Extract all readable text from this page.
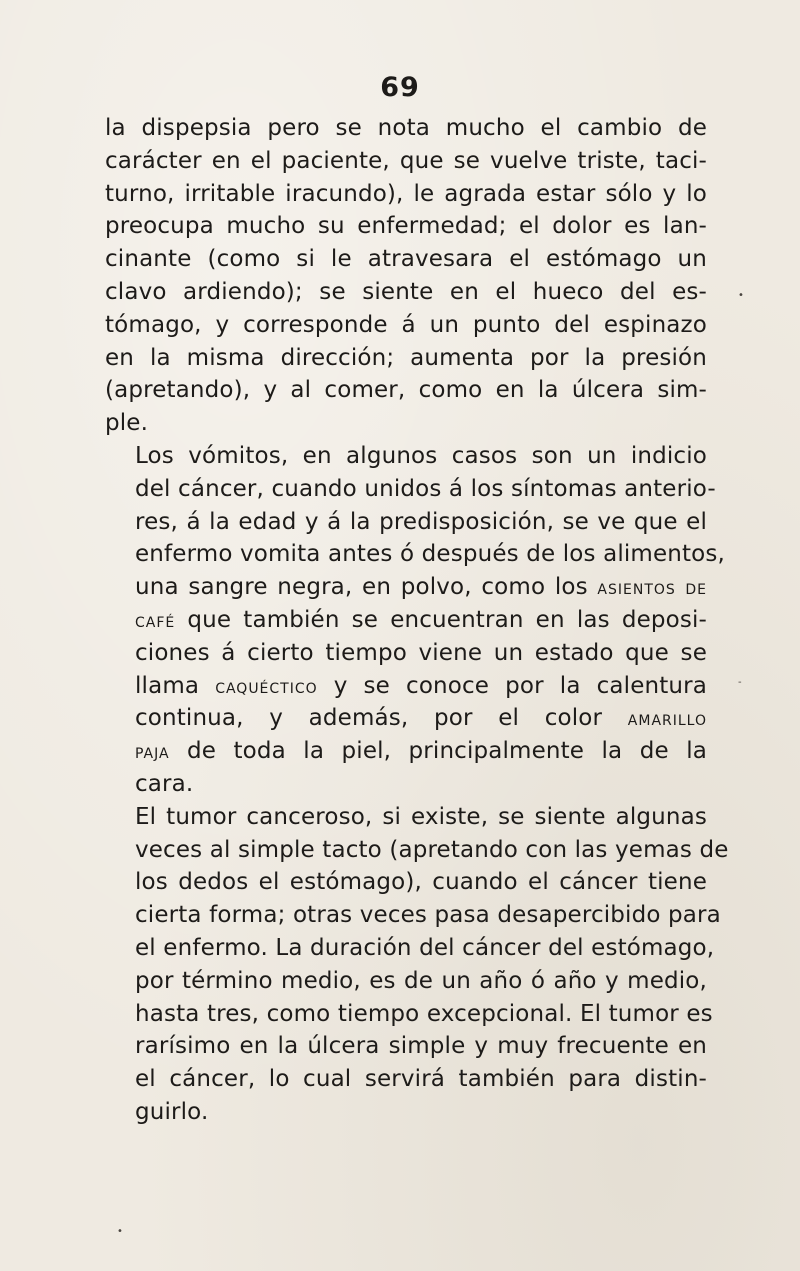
69

la dispepsia pero se nota mucho el cambio de
carácter en el paciente, que se vuelve triste, taci-
turno, irritable iracundo), le agrada estar sólo y lo
preocupa mucho su enfermedad; el dolor es lan-
cinante (como si le atravesara el estómago un
clavo ardiendo); se siente en el hueco del es-
tómago, y corresponde á un punto del espinazo
en la misma dirección; aumenta por la presión
(apretando), y al comer, como en la úlcera sim-
ple.

Los vómitos, en algunos casos son un indicio
del cáncer, cuando unidos á los síntomas anterio-
res, á la edad y á la predisposición, se ve que el
enfermo vomita antes ó después de los alimentos,
una sangre negra, en polvo, como los asientos de
café que también se encuentran en las deposi-
ciones á cierto tiempo viene un estado que se
llama caquéctico y se conoce por la calentura
continua, y además, por el color amarillo
paja de toda la piel, principalmente la de la
cara.

El tumor canceroso, si existe, se siente algunas
veces al simple tacto (apretando con las yemas de
los dedos el estómago), cuando el cáncer tiene
cierta forma; otras veces pasa desapercibido para
el enfermo. La duración del cáncer del estómago,
por término medio, es de un año ó año y medio,
hasta tres, como tiempo excepcional. El tumor es
rarísimo en la úlcera simple y muy frecuente en
el cáncer, lo cual servirá también para distin-
guirlo.

•
-
•
